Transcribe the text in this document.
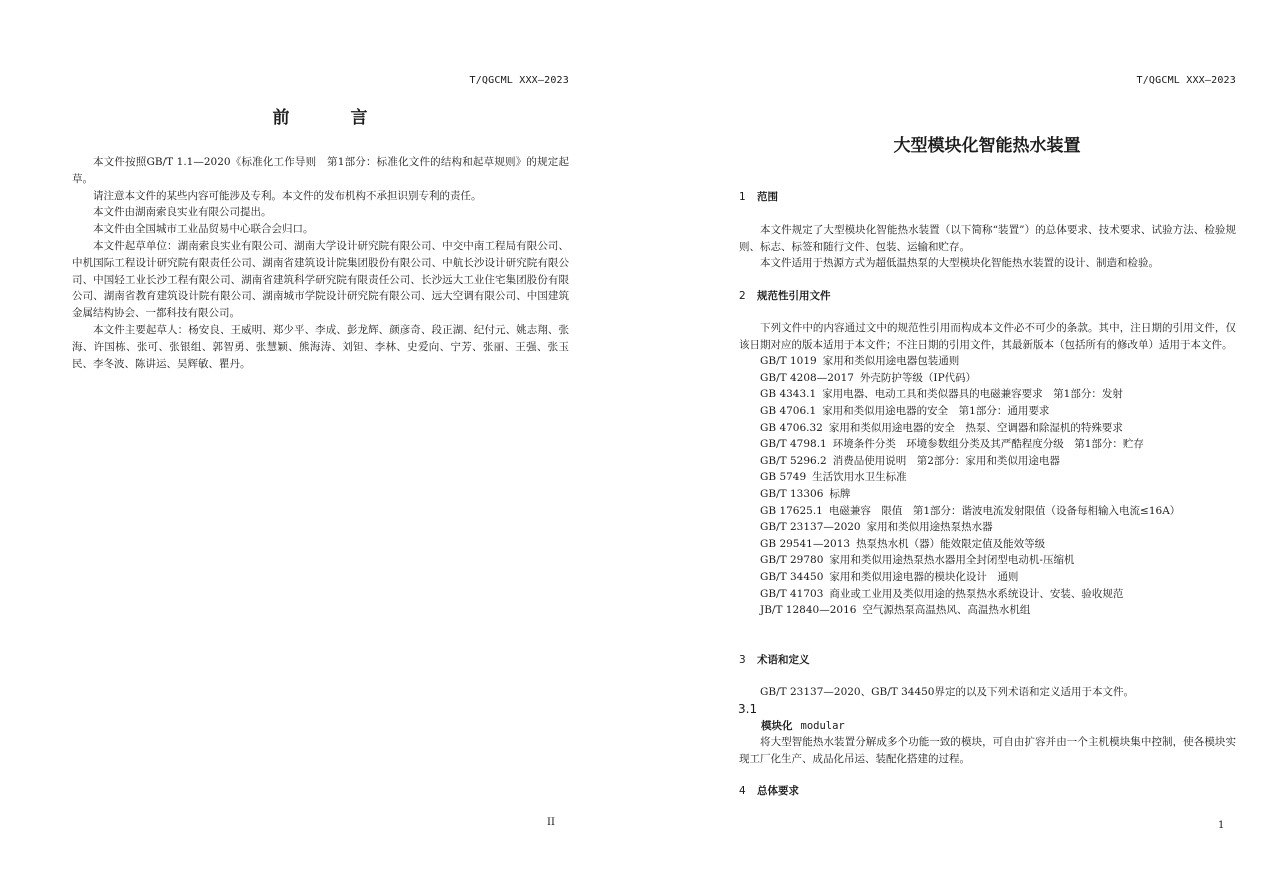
T/QGCML XXX—2023
前　言

本文件按照GB/T 1.1—2020《标准化工作导则　第1部分：标准化文件的结构和起草规则》的规定起草。

请注意本文件的某些内容可能涉及专利。本文件的发布机构不承担识别专利的责任。

本文件由湖南索良实业有限公司提出。

本文件由全国城市工业品贸易中心联合会归口。

本文件起草单位：湖南索良实业有限公司、湖南大学设计研究院有限公司、中交中南工程局有限公司、中机国际工程设计研究院有限责任公司、湖南省建筑设计院集团股份有限公司、中航长沙设计研究院有限公司、中国轻工业长沙工程有限公司、湖南省建筑科学研究院有限责任公司、长沙远大工业住宅集团股份有限公司、湖南省教育建筑设计院有限公司、湖南城市学院设计研究院有限公司、远大空调有限公司、中国建筑金属结构协会、一都科技有限公司。

本文件主要起草人：杨安良、王威明、郑少平、李成、彭龙辉、颜彦奇、段正湖、纪付元、姚志翔、张海、许国栋、张可、张银组、郭智勇、张慧颖、熊海涛、刘钽、李林、史爱向、宁芳、张丽、王强、张玉民、李冬波、陈讲运、吴辉敏、瞿丹。

II
T/QGCML XXX—2023
大型模块化智能热水装置
1 范围

本文件规定了大型模块化智能热水装置（以下简称“装置”）的总体要求、技术要求、试验方法、检验规则、标志、标签和随行文件、包装、运输和贮存。

本文件适用于热源方式为超低温热泵的大型模块化智能热水装置的设计、制造和检验。

2 规范性引用文件

下列文件中的内容通过文中的规范性引用而构成本文件必不可少的条款。其中，注日期的引用文件，仅该日期对应的版本适用于本文件；不注日期的引用文件，其最新版本（包括所有的修改单）适用于本文件。

GB/T 1019 家用和类似用途电器包装通则
GB/T 4208—2017 外壳防护等级（IP代码）
GB 4343.1 家用电器、电动工具和类似器具的电磁兼容要求　第1部分：发射
GB 4706.1 家用和类似用途电器的安全　第1部分：通用要求
GB 4706.32 家用和类似用途电器的安全　热泵、空调器和除湿机的特殊要求
GB/T 4798.1 环境条件分类　环境参数组分类及其严酷程度分级　第1部分：贮存
GB/T 5296.2 消费品使用说明　第2部分：家用和类似用途电器
GB 5749 生活饮用水卫生标准
GB/T 13306 标牌
GB 17625.1 电磁兼容　限值　第1部分：谐波电流发射限值（设备每相输入电流≤16A）
GB/T 23137—2020 家用和类似用途热泵热水器
GB 29541—2013 热泵热水机（器）能效限定值及能效等级
GB/T 29780 家用和类似用途热泵热水器用全封闭型电动机-压缩机
GB/T 34450 家用和类似用途电器的模块化设计　通则
GB/T 41703 商业或工业用及类似用途的热泵热水系统设计、安装、验收规范
JB/T 12840—2016 空气源热泵高温热风、高温热水机组
3 术语和定义

GB/T 23137—2020、GB/T 34450界定的以及下列术语和定义适用于本文件。

3.1
模块化 modular

将大型智能热水装置分解成多个功能一致的模块，可自由扩容并由一个主机模块集中控制，使各模块实现工厂化生产、成品化吊运、装配化搭建的过程。

4 总体要求
1
